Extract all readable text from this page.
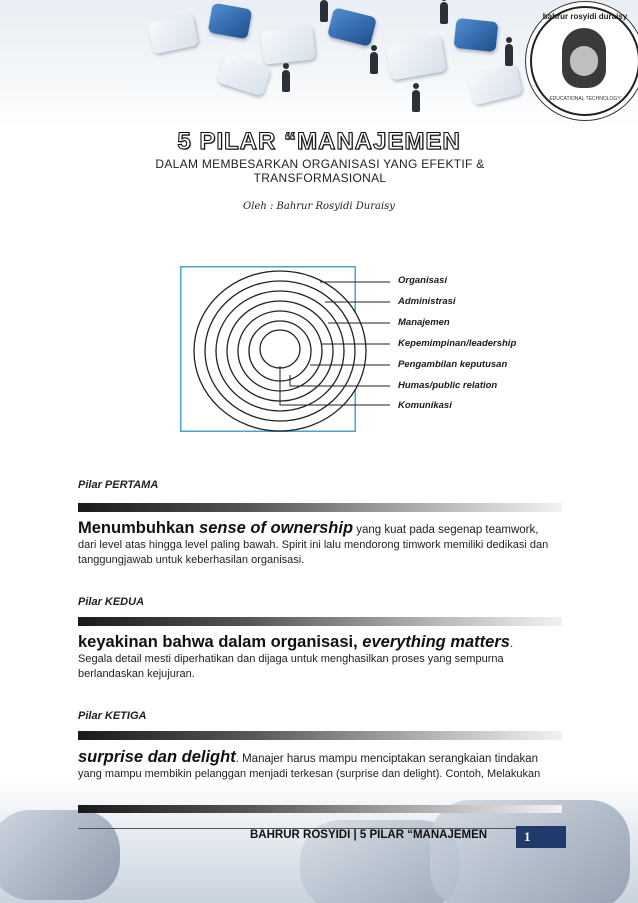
bahrur rosyidi duraisy
EDUCATIONAL TECHNOLOGY
5 PILAR “MANAJEMEN
DALAM MEMBESARKAN ORGANISASI YANG EFEKTIF & TRANSFORMASIONAL
Oleh : Bahrur Rosyidi Duraisy
Organisasi
Administrasi
Manajemen
Kepemimpinan/leadership
Pengambilan keputusan
Humas/public relation
Komunikasi
Pilar PERTAMA
Menumbuhkan sense of ownership yang kuat pada segenap teamwork,
dari level atas hingga level paling bawah. Spirit ini lalu mendorong timwork memiliki dedikasi dan tanggungjawab untuk keberhasilan organisasi.
Pilar KEDUA
keyakinan bahwa dalam organisasi, everything matters.
Segala detail mesti diperhatikan dan dijaga untuk menghasilkan proses yang sempurna berlandaskan kejujuran.
Pilar KETIGA
surprise dan delight. Manajer harus mampu menciptakan serangkaian tindakan
yang mampu membikin pelanggan menjadi terkesan (surprise dan delight). Contoh, Melakukan
BAHRUR ROSYIDI | 5 PILAR “MANAJEMEN	1
